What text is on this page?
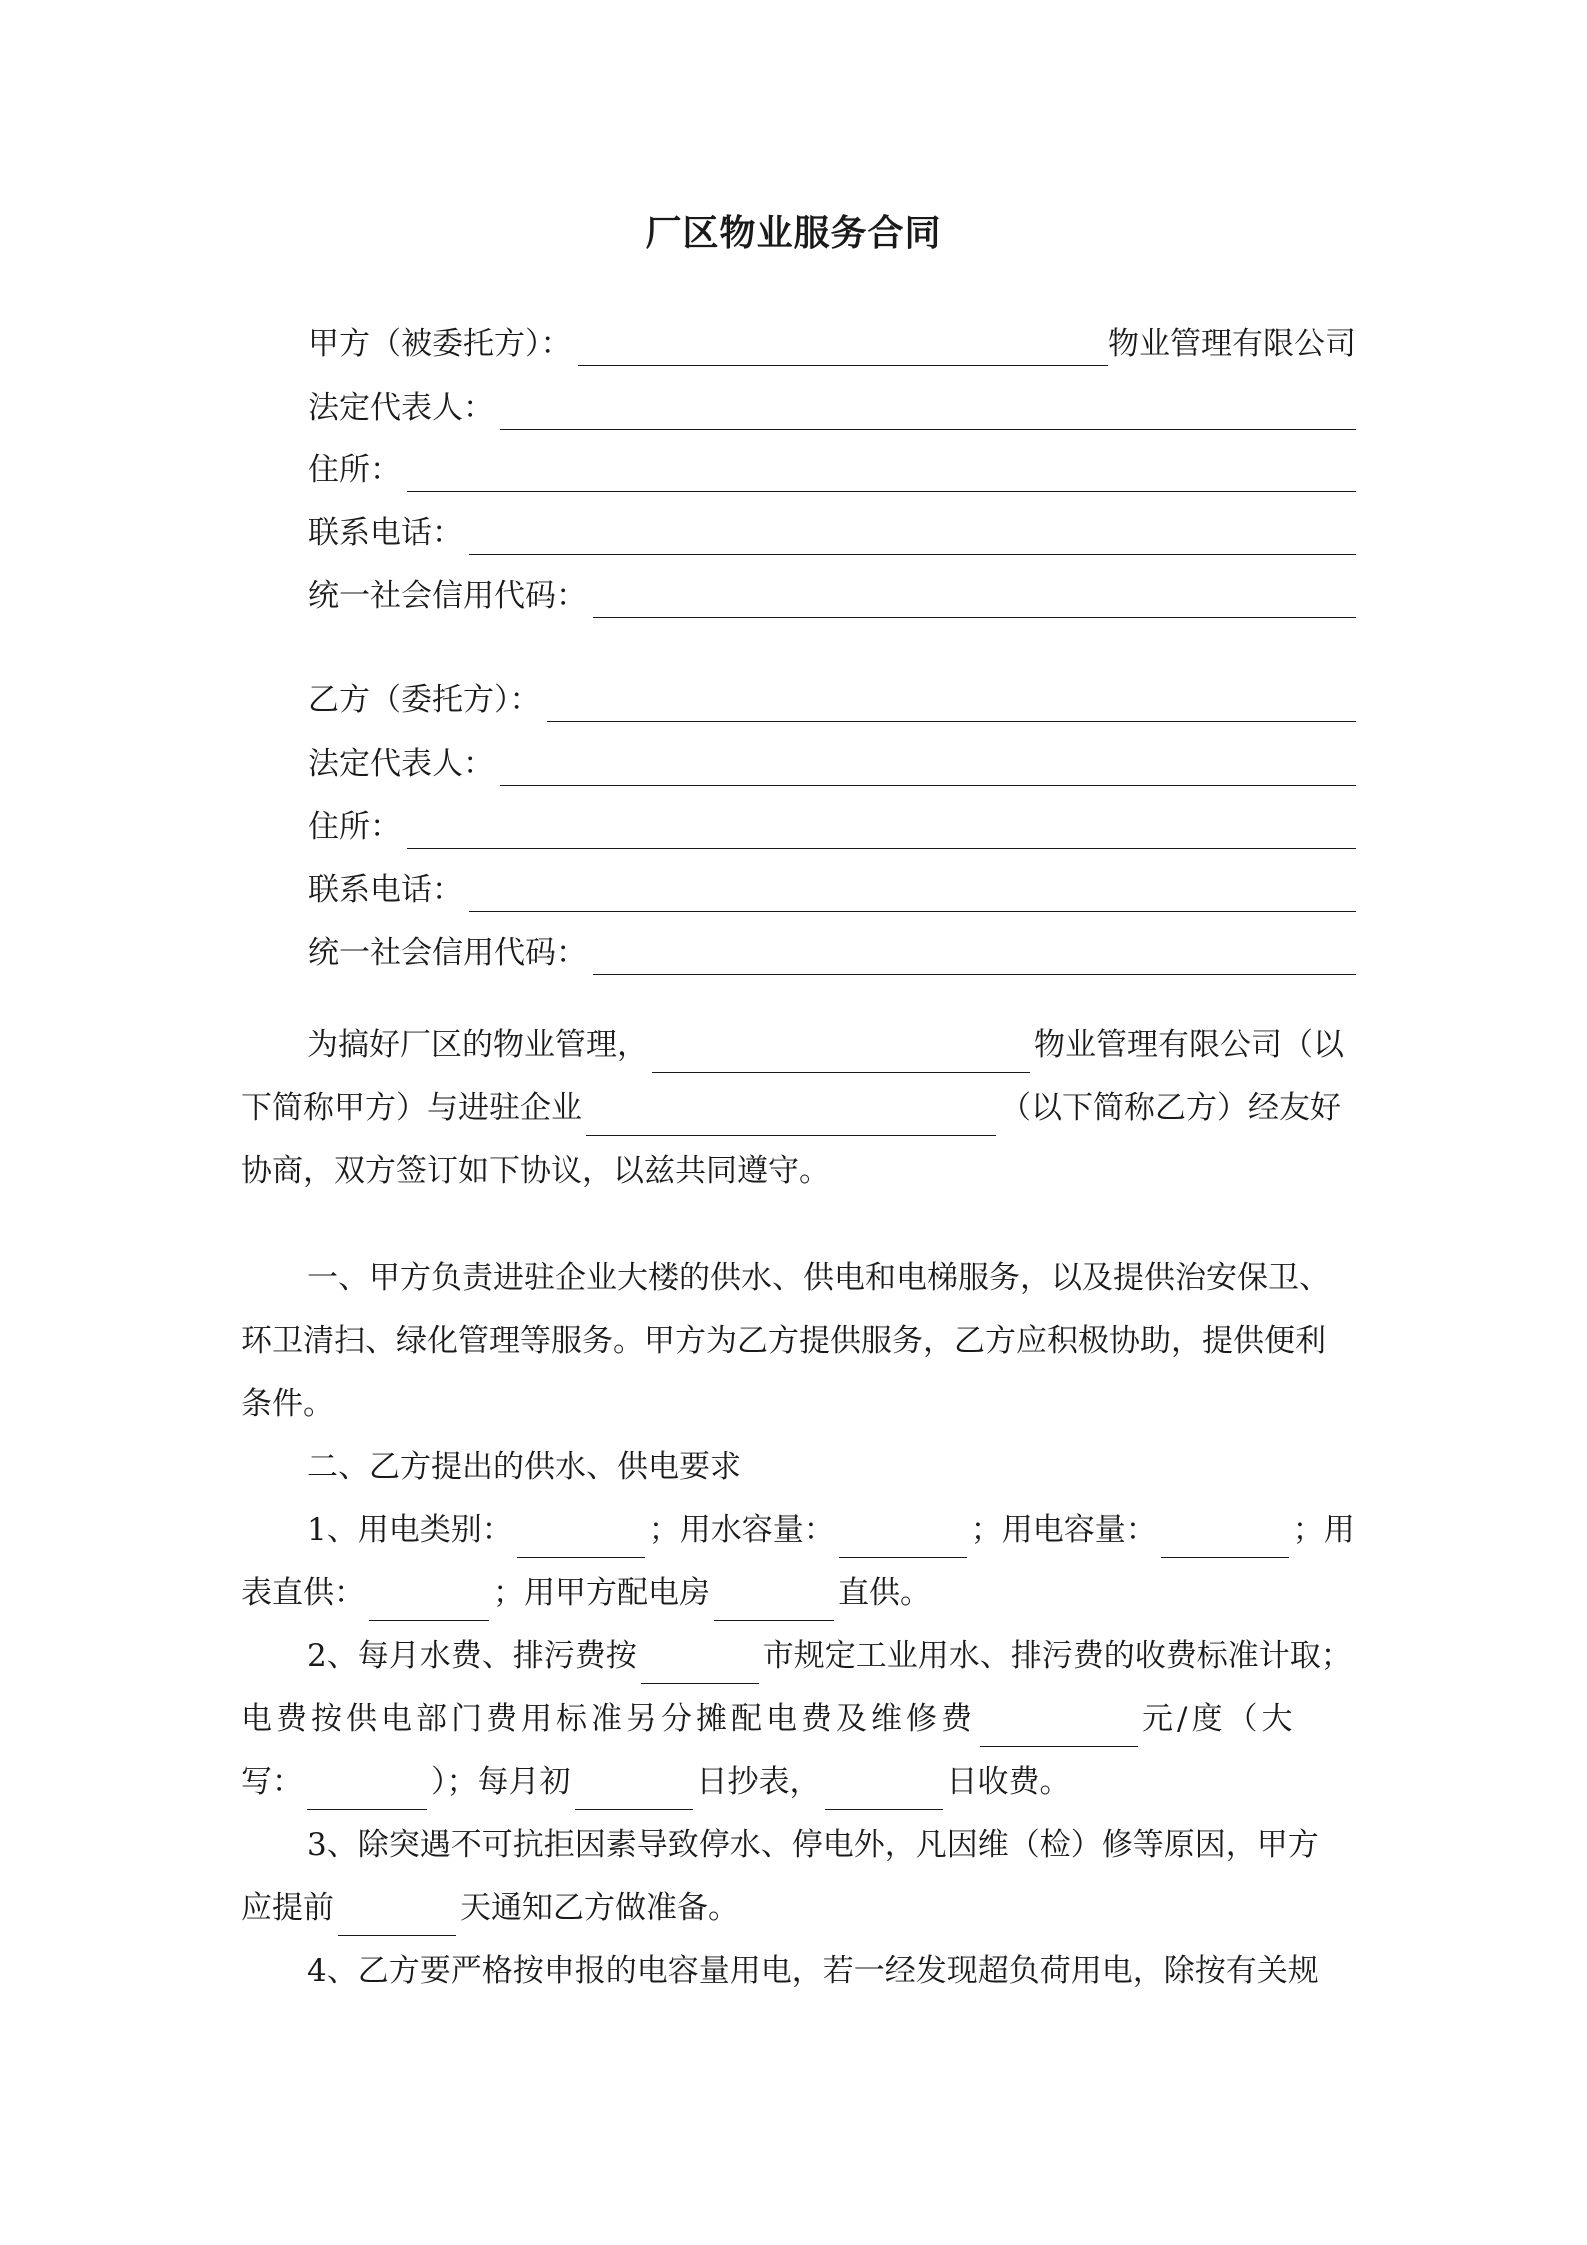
厂区物业服务合同
甲方（被委托方）：	物业管理有限公司
法定代表人：
住所：
联系电话：
统一社会信用代码：
乙方（委托方）：
法定代表人：
住所：
联系电话：
统一社会信用代码：
为搞好厂区的物业管理，	物业管理有限公司（以
下简称甲方）与进驻企业	（以下简称乙方）经友好
协商，双方签订如下协议，以兹共同遵守。
一、甲方负责进驻企业大楼的供水、供电和电梯服务，以及提供治安保卫、
环卫清扫、绿化管理等服务。甲方为乙方提供服务，乙方应积极协助，提供便利
条件。
二、乙方提出的供水、供电要求
1、用电类别：	；用水容量：	；用电容量：	；用
表直供：	；用甲方配电房	直供。
2、每月水费、排污费按	市规定工业用水、排污费的收费标准计取；
电费按供电部门费用标准另分摊配电费及维修费	元/度（大
写：	）；每月初	日抄表，	日收费。
3、除突遇不可抗拒因素导致停水、停电外，凡因维（检）修等原因，甲方
应提前	天通知乙方做准备。
4、乙方要严格按申报的电容量用电，若一经发现超负荷用电，除按有关规
